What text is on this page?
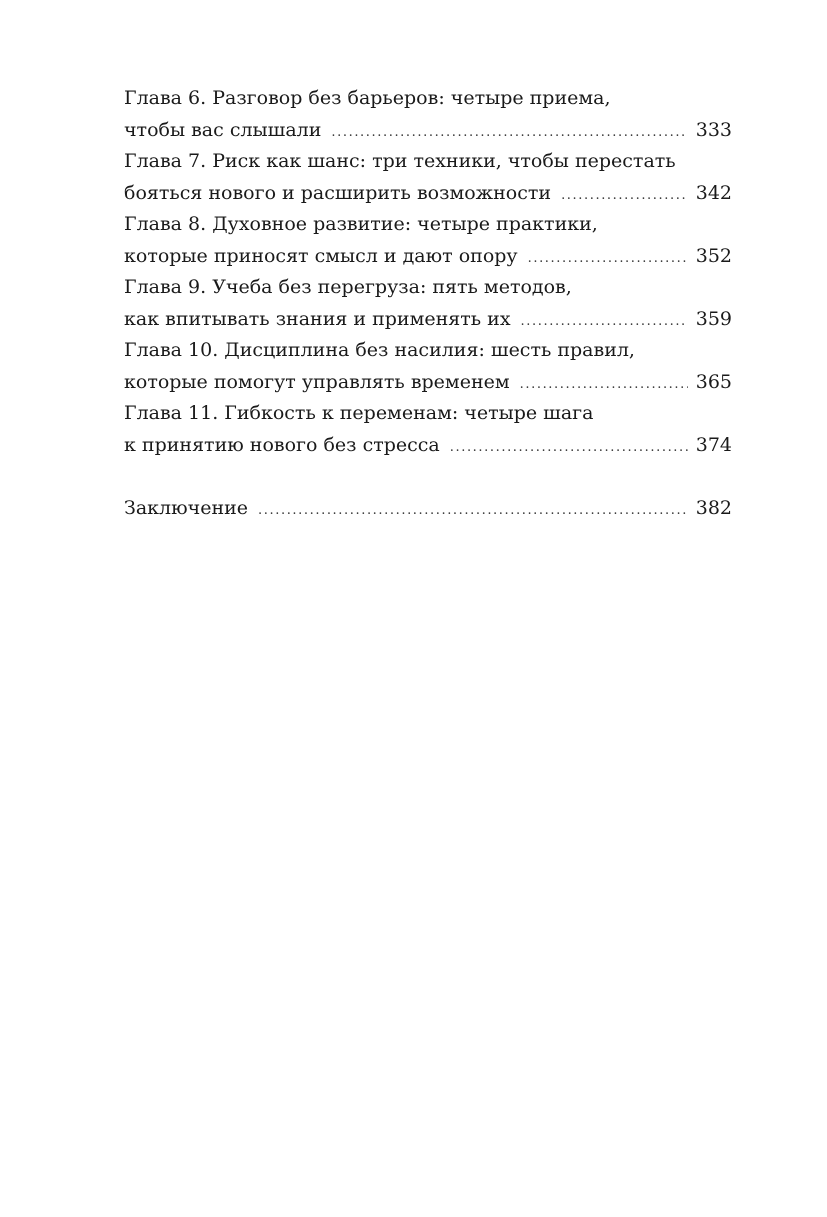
Глава 6. Разговор без барьеров: четыре приема,
чтобы вас слышали .....	333
Глава 7. Риск как шанс: три техники, чтобы перестать
бояться нового и расширить возможности .....	342
Глава 8. Духовное развитие: четыре практики,
которые приносят смысл и дают опору .....	352
Глава 9. Учеба без перегруза: пять методов,
как впитывать знания и применять их .....	359
Глава 10. Дисциплина без насилия: шесть правил,
которые помогут управлять временем .....	365
Глава 11. Гибкость к переменам: четыре шага
к принятию нового без стресса .....	374
Заключение .....	382
